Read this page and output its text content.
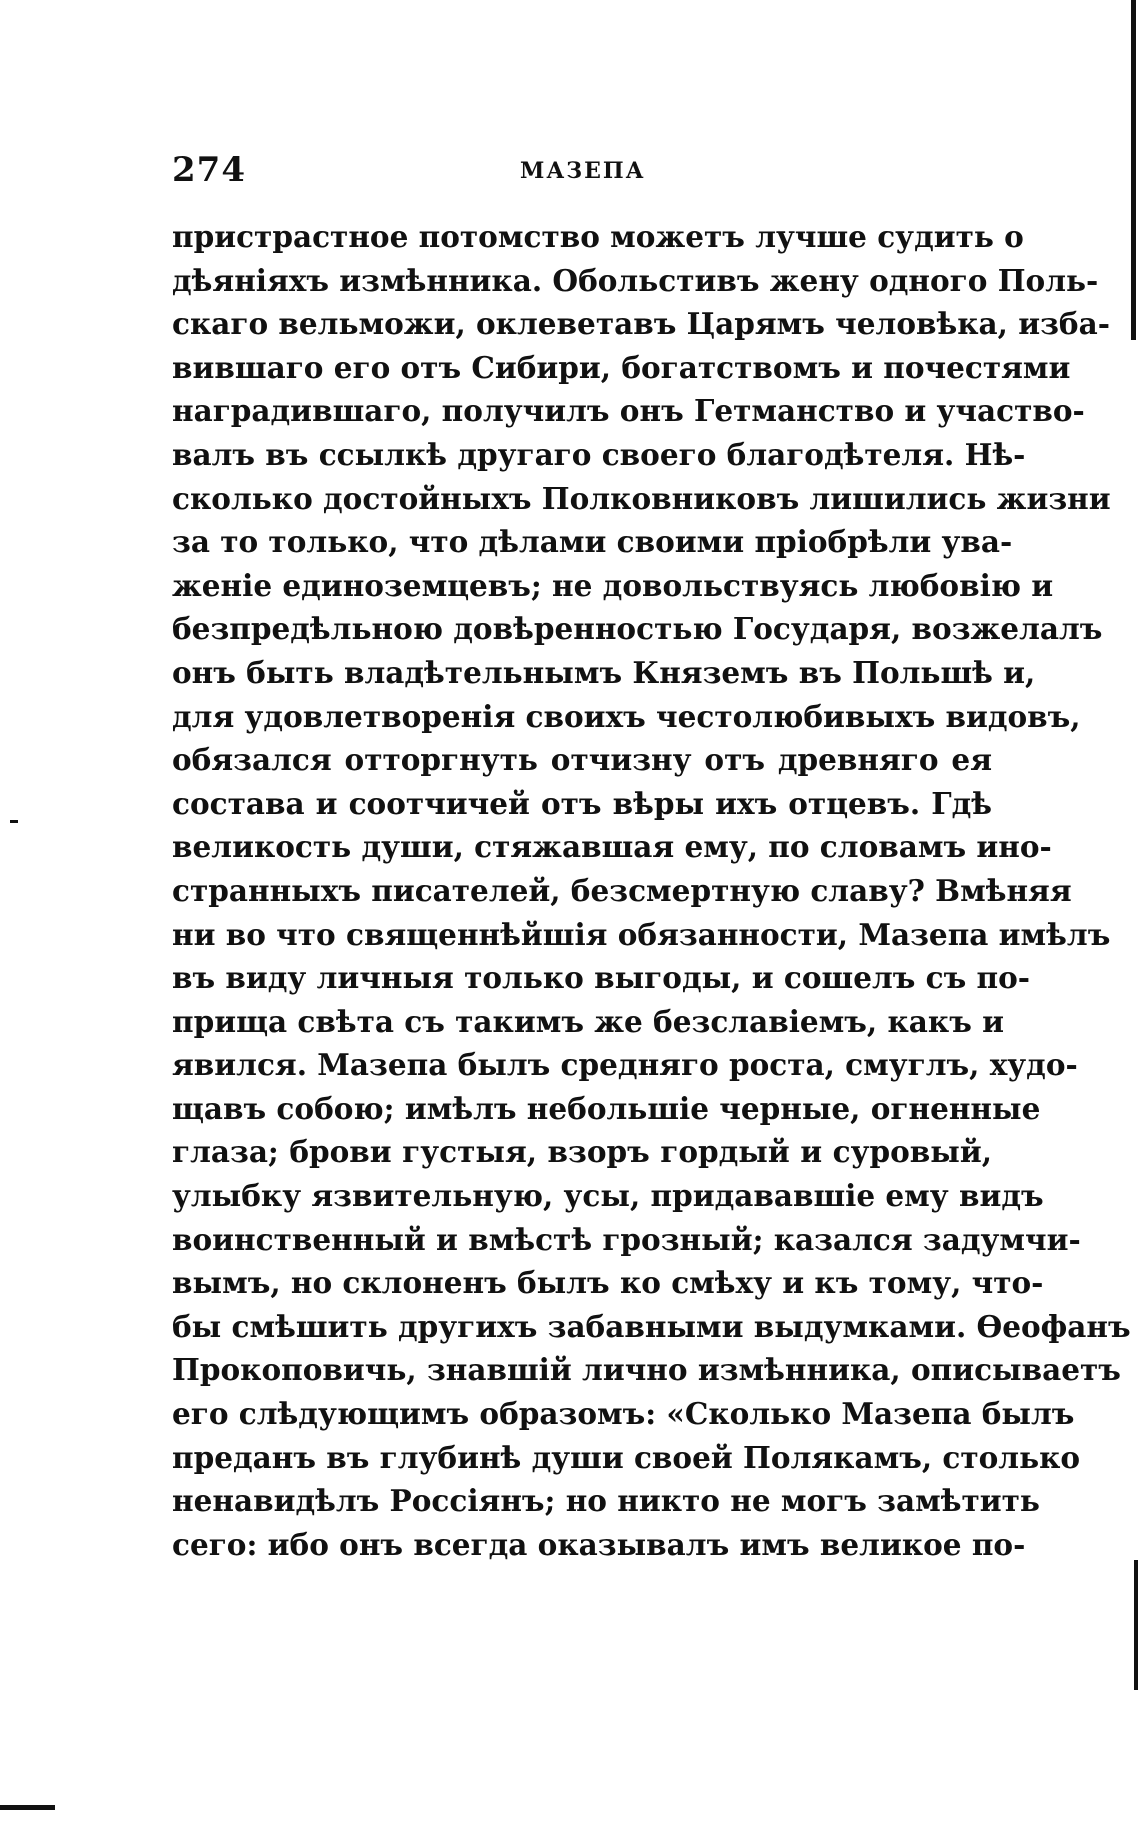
274	МАЗЕПА
пристрастное потомство можетъ лучше судить о
дѣяніяхъ измѣнника. Обольстивъ жену одного Поль-
скаго вельможи, оклеветавъ Царямъ человѣка, изба-
вившаго его отъ Сибири, богатствомъ и почестями
наградившаго, получилъ онъ Гетманство и участво-
валъ въ ссылкѣ другаго своего благодѣтеля. Нѣ-
сколько достойныхъ Полковниковъ лишились жизни
за то только, что дѣлами своими пріобрѣли ува-
женіе единоземцевъ; не довольствуясь любовію и
безпредѣльною довѣренностью Государя, возжелалъ
онъ быть владѣтельнымъ Княземъ въ Польшѣ и,
для удовлетворенія своихъ честолюбивыхъ видовъ,
обязался отторгнуть отчизну отъ древняго ея
состава и соотчичей отъ вѣры ихъ отцевъ. Гдѣ
великость души, стяжавшая ему, по словамъ ино-
странныхъ писателей, безсмертную славу? Вмѣняя
ни во что священнѣйшія обязанности, Мазепа имѣлъ
въ виду личныя только выгоды, и сошелъ съ по-
прища свѣта съ такимъ же безславіемъ, какъ и
явился. Мазепа былъ средняго роста, смуглъ, худо-
щавъ собою; имѣлъ небольшіе черные, огненные
глаза; брови густыя, взоръ гордый и суровый,
улыбку язвительную, усы, придававшіе ему видъ
воинственный и вмѣстѣ грозный; казался задумчи-
вымъ, но склоненъ былъ ко смѣху и къ тому, что-
бы смѣшить другихъ забавными выдумками. Ѳеофанъ
Прокоповичь, знавшій лично измѣнника, описываетъ
его слѣдующимъ образомъ: «Сколько Мазепа былъ
преданъ въ глубинѣ души своей Полякамъ, столько
ненавидѣлъ Россіянъ; но никто не могъ замѣтить
сего: ибо онъ всегда оказывалъ имъ великое по-
